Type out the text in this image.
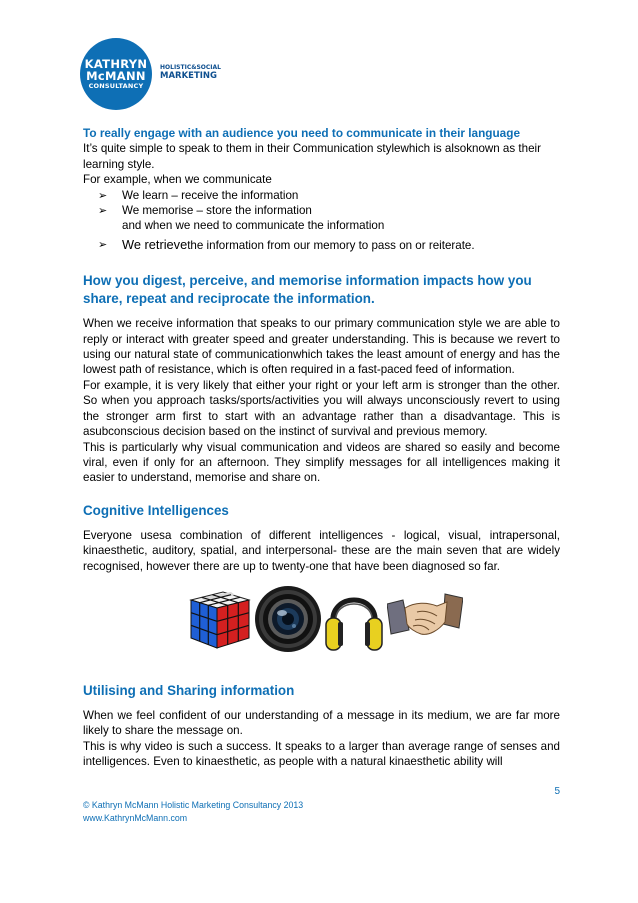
KATHRYN
McMANN
CONSULTANCY
HOLISTIC&SOCIAL
MARKETING

To really engage with an audience you need to communicate in their language

It’s quite simple to speak to them in their Communication stylewhich is alsoknown as their learning style.

For example, when we communicate

➢ We learn – receive the information
➢ We memorise – store the information

and when we need to communicate the information

➢ We retrievethe information from our memory to pass on or reiterate.

How you digest, perceive, and memorise information impacts how you share, repeat and reciprocate the information.

When we receive information that speaks to our primary communication style we are able to reply or interact with greater speed and greater understanding. This is because we revert to using our natural state of communicationwhich takes the least amount of energy and has the lowest path of resistance, which is often required in a fast-paced feed of information.

For example, it is very likely that either your right or your left arm is stronger than the other. So when you approach tasks/sports/activities you will always unconsciously revert to using the stronger arm first to start with an advantage rather than a disadvantage. This is asubconscious decision based on the instinct of survival and previous memory.

This is particularly why visual communication and videos are shared so easily and become viral, even if only for an afternoon. They simplify messages for all intelligences making it easier to understand, memorise and share on.

Cognitive Intelligences

Everyone usesa combination of different intelligences - logical, visual, intrapersonal, kinaesthetic, auditory, spatial, and interpersonal- these are the main seven that are widely recognised, however there are up to twenty-one that have been diagnosed so far.

Utilising and Sharing information

When we feel confident of our understanding of a message in its medium, we are far more likely to share the message on.

This is why video is such a success. It speaks to a larger than average range of senses and intelligences. Even to kinaesthetic, as people with a natural kinaesthetic ability will

5
© Kathryn McMann Holistic Marketing Consultancy 2013
www.KathrynMcMann.com
